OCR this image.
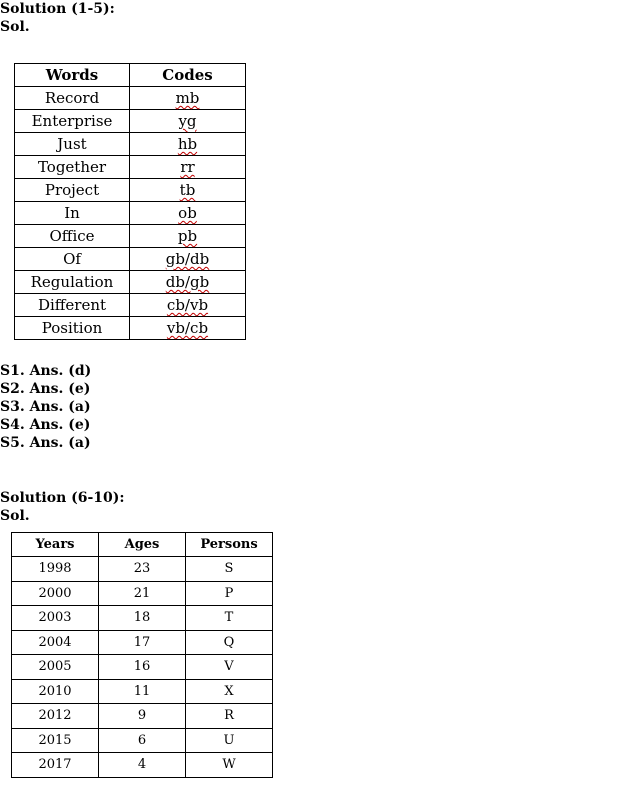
Solution (1-5):

Sol.

Words	Codes
Record	mb
Enterprise	yg
Just	hb
Together	rr
Project	tb
In	ob
Office	pb
Of	gb/db
Regulation	db/gb
Different	cb/vb
Position	vb/cb
S1. Ans. (d)
S2. Ans. (e)
S3. Ans. (a)
S4. Ans. (e)
S5. Ans. (a)

Solution (6-10):

Sol.

Years	Ages	Persons
1998	23	S
2000	21	P
2003	18	T
2004	17	Q
2005	16	V
2010	11	X
2012	9	R
2015	6	U
2017	4	W
